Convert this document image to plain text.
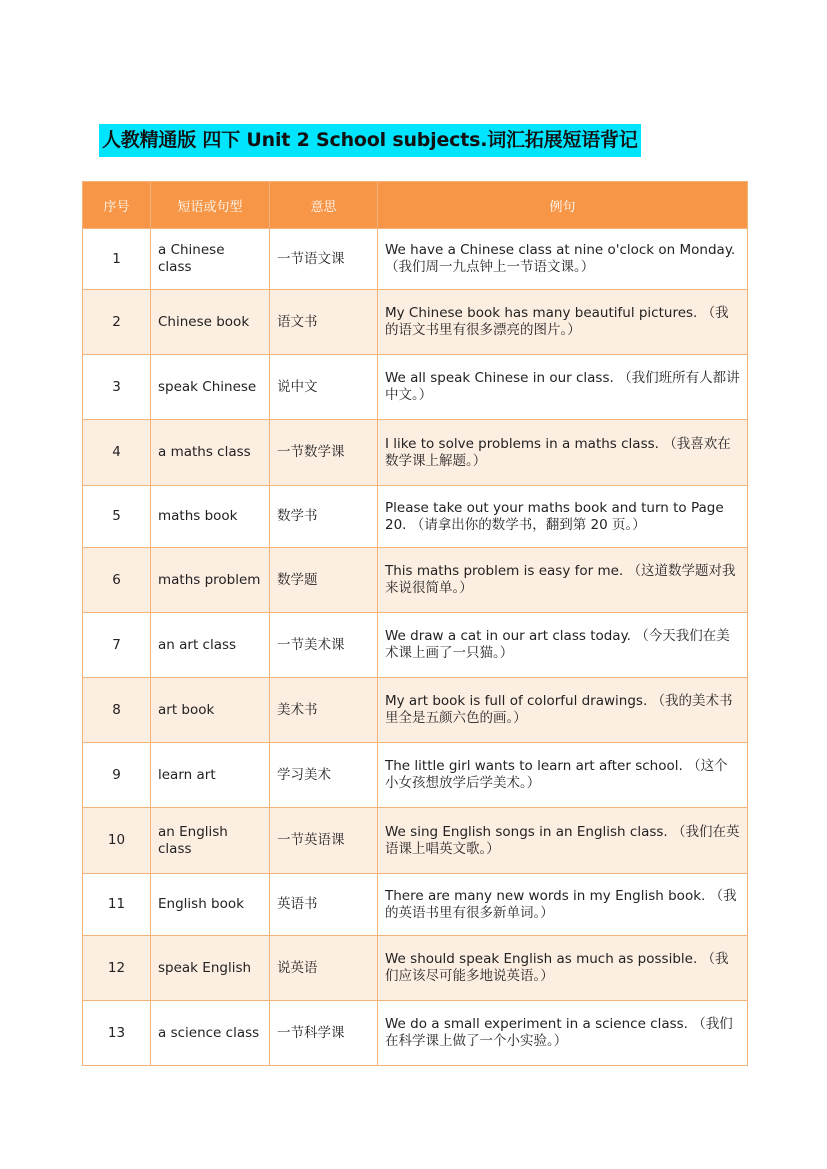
人教精通版 四下 Unit 2 School subjects.词汇拓展短语背记
序号	短语或句型	意思	例句
1	a Chinese class	一节语文课	We have a Chinese class at nine o'clock on Monday. （我们周一九点钟上一节语文课。）
2	Chinese book	语文书	My Chinese book has many beautiful pictures. （我的语文书里有很多漂亮的图片。）
3	speak Chinese	说中文	We all speak Chinese in our class. （我们班所有人都讲中文。）
4	a maths class	一节数学课	I like to solve problems in a maths class. （我喜欢在数学课上解题。）
5	maths book	数学书	Please take out your maths book and turn to Page 20. （请拿出你的数学书，翻到第 20 页。）
6	maths problem	数学题	This maths problem is easy for me. （这道数学题对我来说很简单。）
7	an art class	一节美术课	We draw a cat in our art class today. （今天我们在美术课上画了一只猫。）
8	art book	美术书	My art book is full of colorful drawings. （我的美术书里全是五颜六色的画。）
9	learn art	学习美术	The little girl wants to learn art after school. （这个小女孩想放学后学美术。）
10	an English class	一节英语课	We sing English songs in an English class. （我们在英语课上唱英文歌。）
11	English book	英语书	There are many new words in my English book. （我的英语书里有很多新单词。）
12	speak English	说英语	We should speak English as much as possible. （我们应该尽可能多地说英语。）
13	a science class	一节科学课	We do a small experiment in a science class. （我们在科学课上做了一个小实验。）
